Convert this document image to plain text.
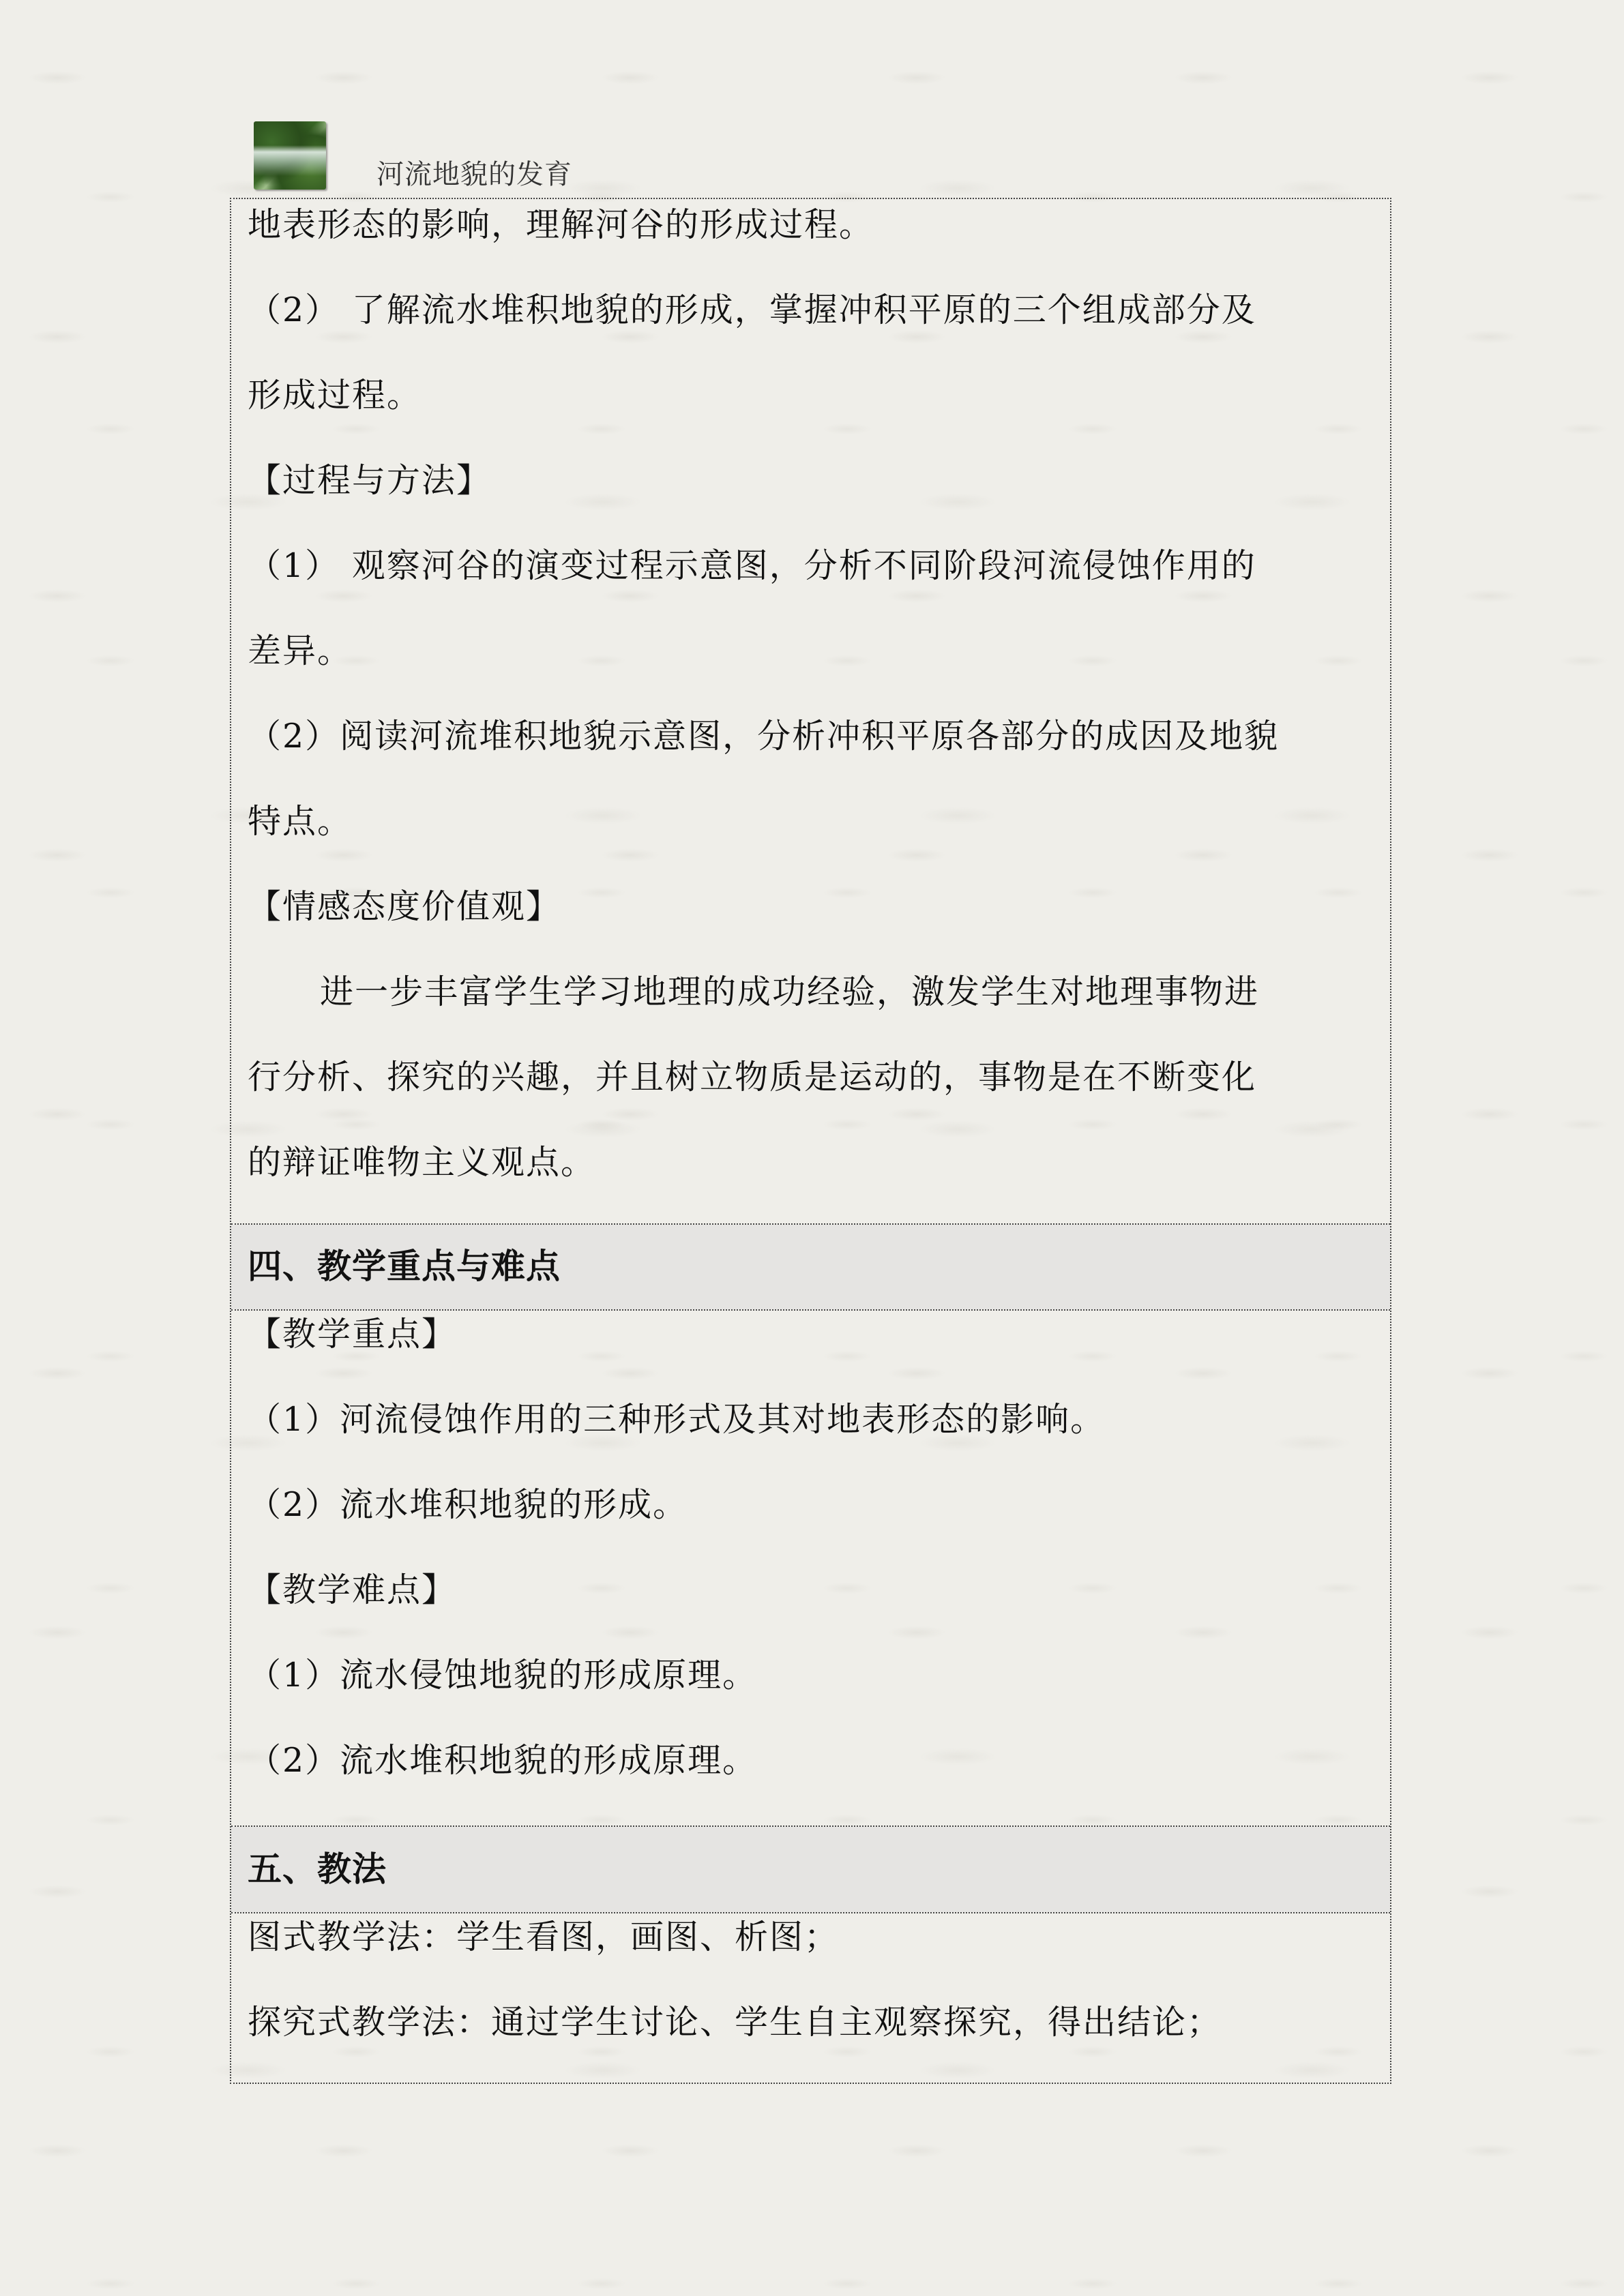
河流地貌的发育
地表形态的影响，理解河谷的形成过程。
（2） 了解流水堆积地貌的形成，掌握冲积平原的三个组成部分及
形成过程。
【过程与方法】
（1） 观察河谷的演变过程示意图，分析不同阶段河流侵蚀作用的
差异。
（2）阅读河流堆积地貌示意图，分析冲积平原各部分的成因及地貌
特点。
【情感态度价值观】
进一步丰富学生学习地理的成功经验，激发学生对地理事物进
行分析、探究的兴趣，并且树立物质是运动的，事物是在不断变化
的辩证唯物主义观点。
四、教学重点与难点
【教学重点】
（1）河流侵蚀作用的三种形式及其对地表形态的影响。
（2）流水堆积地貌的形成。
【教学难点】
（1）流水侵蚀地貌的形成原理。
（2）流水堆积地貌的形成原理。
五、教法
图式教学法：学生看图，画图、析图；
探究式教学法：通过学生讨论、学生自主观察探究，得出结论；
